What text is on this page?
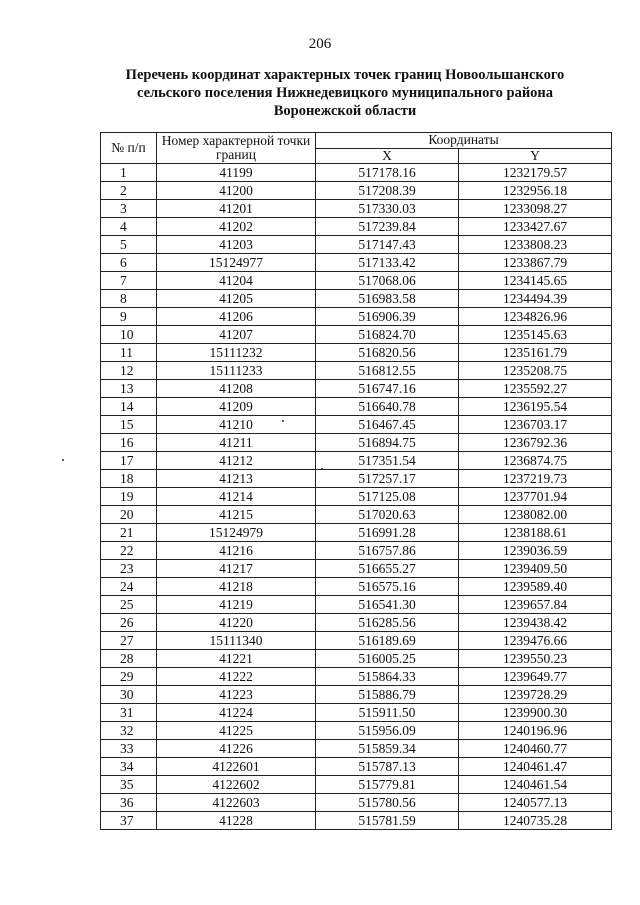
206
Перечень координат характерных точек границ Новоольшанского
сельского поселения Нижнедевицкого муниципального района
Воронежской области
№ п/п	Номер характерной точки границ	Координаты	
		X	Y
1	41199	517178.16	1232179.57
2	41200	517208.39	1232956.18
3	41201	517330.03	1233098.27
4	41202	517239.84	1233427.67
5	41203	517147.43	1233808.23
6	15124977	517133.42	1233867.79
7	41204	517068.06	1234145.65
8	41205	516983.58	1234494.39
9	41206	516906.39	1234826.96
10	41207	516824.70	1235145.63
11	15111232	516820.56	1235161.79
12	15111233	516812.55	1235208.75
13	41208	516747.16	1235592.27
14	41209	516640.78	1236195.54
15	41210	516467.45	1236703.17
16	41211	516894.75	1236792.36
17	41212	517351.54	1236874.75
18	41213	517257.17	1237219.73
19	41214	517125.08	1237701.94
20	41215	517020.63	1238082.00
21	15124979	516991.28	1238188.61
22	41216	516757.86	1239036.59
23	41217	516655.27	1239409.50
24	41218	516575.16	1239589.40
25	41219	516541.30	1239657.84
26	41220	516285.56	1239438.42
27	15111340	516189.69	1239476.66
28	41221	516005.25	1239550.23
29	41222	515864.33	1239649.77
30	41223	515886.79	1239728.29
31	41224	515911.50	1239900.30
32	41225	515956.09	1240196.96
33	41226	515859.34	1240460.77
34	4122601	515787.13	1240461.47
35	4122602	515779.81	1240461.54
36	4122603	515780.56	1240577.13
37	41228	515781.59	1240735.28
